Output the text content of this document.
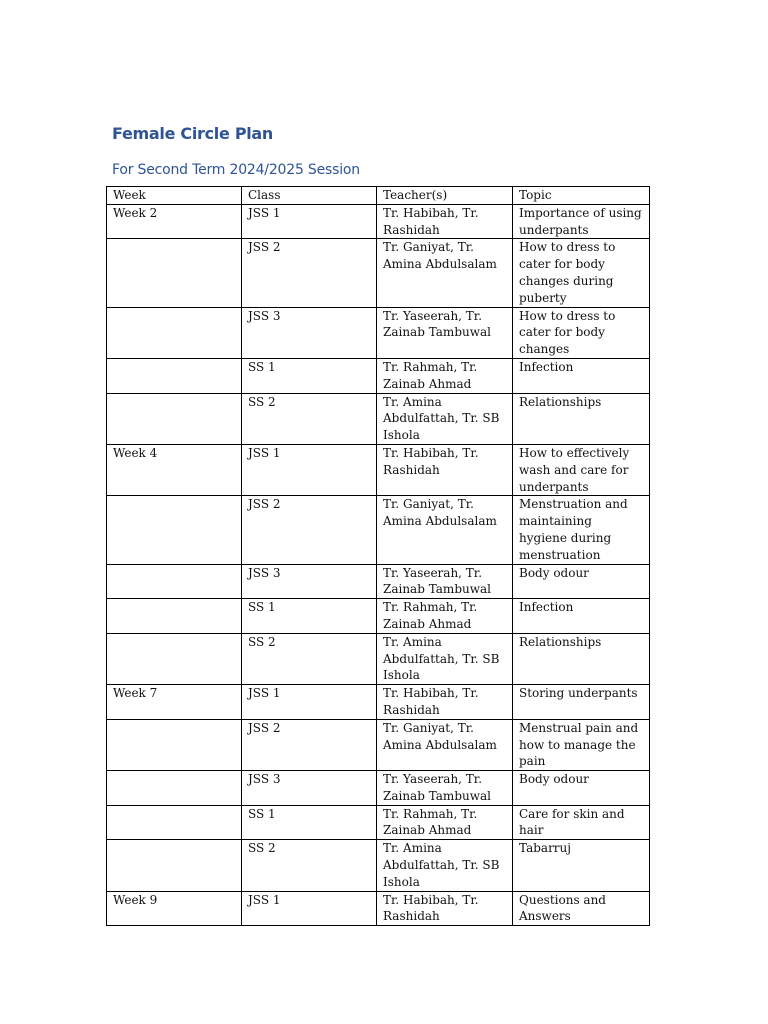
Female Circle Plan
For Second Term 2024/2025 Session
Week	Class	Teacher(s)	Topic
Week 2	JSS 1	Tr. Habibah, Tr. Rashidah	Importance of using underpants
	JSS 2	Tr. Ganiyat, Tr. Amina Abdulsalam	How to dress to cater for body changes during puberty
	JSS 3	Tr. Yaseerah, Tr. Zainab Tambuwal	How to dress to cater for body changes
	SS 1	Tr. Rahmah, Tr. Zainab Ahmad	Infection
	SS 2	Tr. Amina Abdulfattah, Tr. SB Ishola	Relationships
Week 4	JSS 1	Tr. Habibah, Tr. Rashidah	How to effectively wash and care for underpants
	JSS 2	Tr. Ganiyat, Tr. Amina Abdulsalam	Menstruation and maintaining hygiene during menstruation
	JSS 3	Tr. Yaseerah, Tr. Zainab Tambuwal	Body odour
	SS 1	Tr. Rahmah, Tr. Zainab Ahmad	Infection
	SS 2	Tr. Amina Abdulfattah, Tr. SB Ishola	Relationships
Week 7	JSS 1	Tr. Habibah, Tr. Rashidah	Storing underpants
	JSS 2	Tr. Ganiyat, Tr. Amina Abdulsalam	Menstrual pain and how to manage the pain
	JSS 3	Tr. Yaseerah, Tr. Zainab Tambuwal	Body odour
	SS 1	Tr. Rahmah, Tr. Zainab Ahmad	Care for skin and hair
	SS 2	Tr. Amina Abdulfattah, Tr. SB Ishola	Tabarruj
Week 9	JSS 1	Tr. Habibah, Tr. Rashidah	Questions and Answers
